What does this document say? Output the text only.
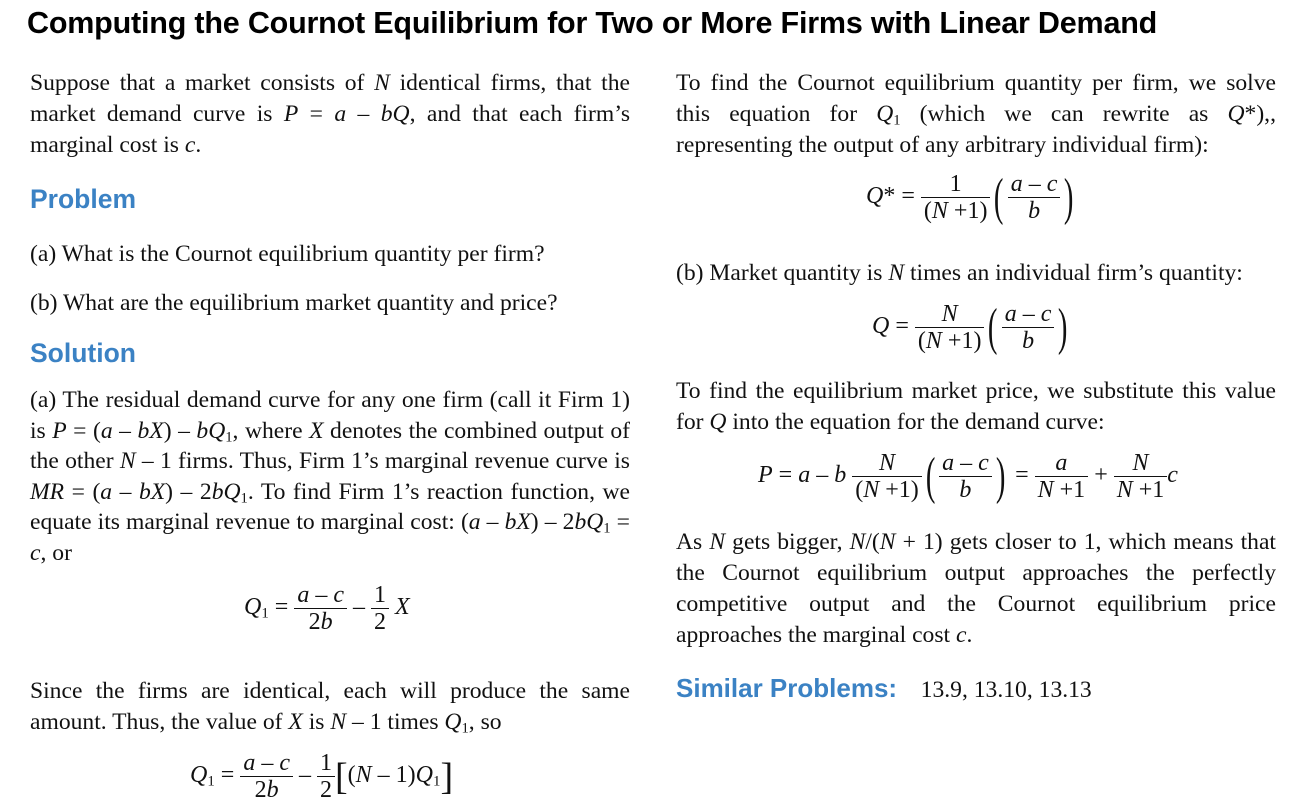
Computing the Cournot Equilibrium for Two or More Firms with Linear Demand

Suppose that a market consists of N identical firms, that the market demand curve is P = a – bQ, and that each firm’s marginal cost is c.

Problem

(a) What is the Cournot equilibrium quantity per firm?

(b) What are the equilibrium market quantity and price?

Solution

(a) The residual demand curve for any one firm (call it Firm 1) is $P = (a - bX) - bQ_1$, where X denotes the combined output of the other N – 1 firms. Thus, Firm 1’s marginal revenue curve is MR = $(a - bX) - 2bQ_1$. To find Firm 1’s reaction function, we equate its marginal revenue to marginal cost: $(a - bX) - 2bQ_1 = c$, or

$Q_1 = \frac{a - c}{2b} - \frac{1}{2}$ X

Since the firms are identical, each will produce the same amount. Thus, the value of X is N – 1 times $Q_1$, so

$Q_1 = \frac{a - c}{2b} - \frac{1}{2} [(N - 1)Q_1]$

To find the Cournot equilibrium quantity per firm, we solve this equation for $Q_1$ (which we can rewrite as Q*),, representing the output of any arbitrary individual firm):

$Q* = \frac{1}{(N +1)}$ ( $\frac{a - c}{b}$ )

(b) Market quantity is N times an individual firm’s quantity:

$Q = \frac{N}{(N +1)}$ ( $\frac{a - c}{b}$ )

To find the equilibrium market price, we substitute this value for Q into the equation for the demand curve:

P = a – b $\frac{N}{(N +1)}$ ( $\frac{a - c}{b}$ ) = $\frac{a}{N +1} + \frac{N}{N +1}$ c

As N gets bigger, N/(N + 1) gets closer to 1, which means that the Cournot equilibrium output approaches the perfectly competitive output and the Cournot equilibrium price approaches the marginal cost c.

Similar Problems: 13.9, 13.10, 13.13
